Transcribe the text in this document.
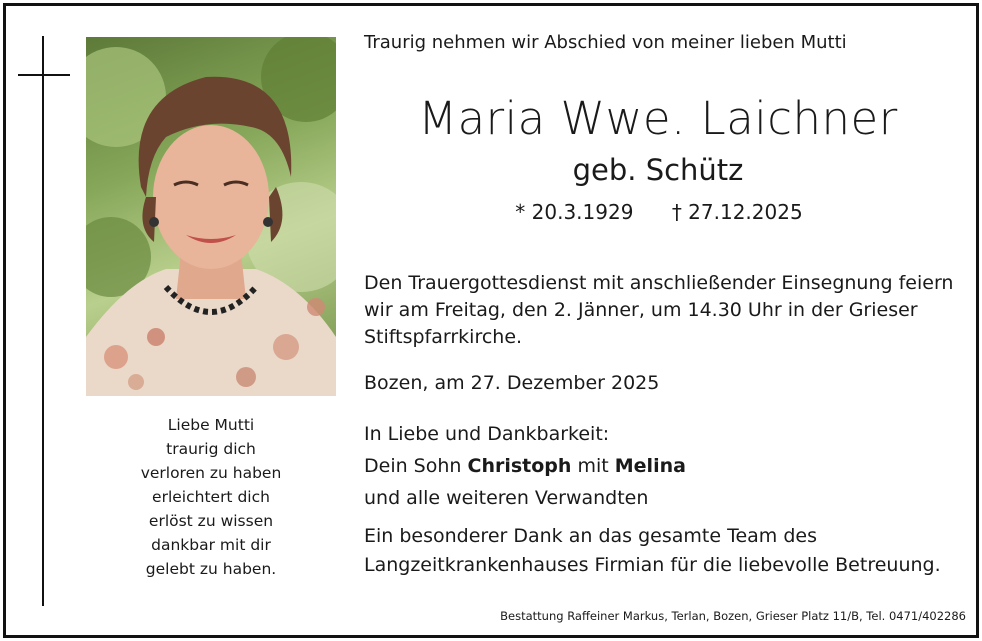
Liebe Mutti
traurig dich
verloren zu haben
erleichtert dich
erlöst zu wissen
dankbar mit dir
gelebt zu haben.
Traurig nehmen wir Abschied von meiner lieben Mutti
Maria Wwe. Laichner
geb. Schütz
* 20.3.1929 † 27.12.2025
Den Trauergottesdienst mit anschließender Einsegnung feiern
wir am Freitag, den 2. Jänner, um 14.30 Uhr in der Grieser
Stiftspfarrkirche.
Bozen, am 27. Dezember 2025
In Liebe und Dankbarkeit:
Dein Sohn Christoph mit Melina
und alle weiteren Verwandten
Ein besonderer Dank an das gesamte Team des
Langzeitkrankenhauses Firmian für die liebevolle Betreuung.
Bestattung Raffeiner Markus, Terlan, Bozen, Grieser Platz 11/B, Tel. 0471/402286
